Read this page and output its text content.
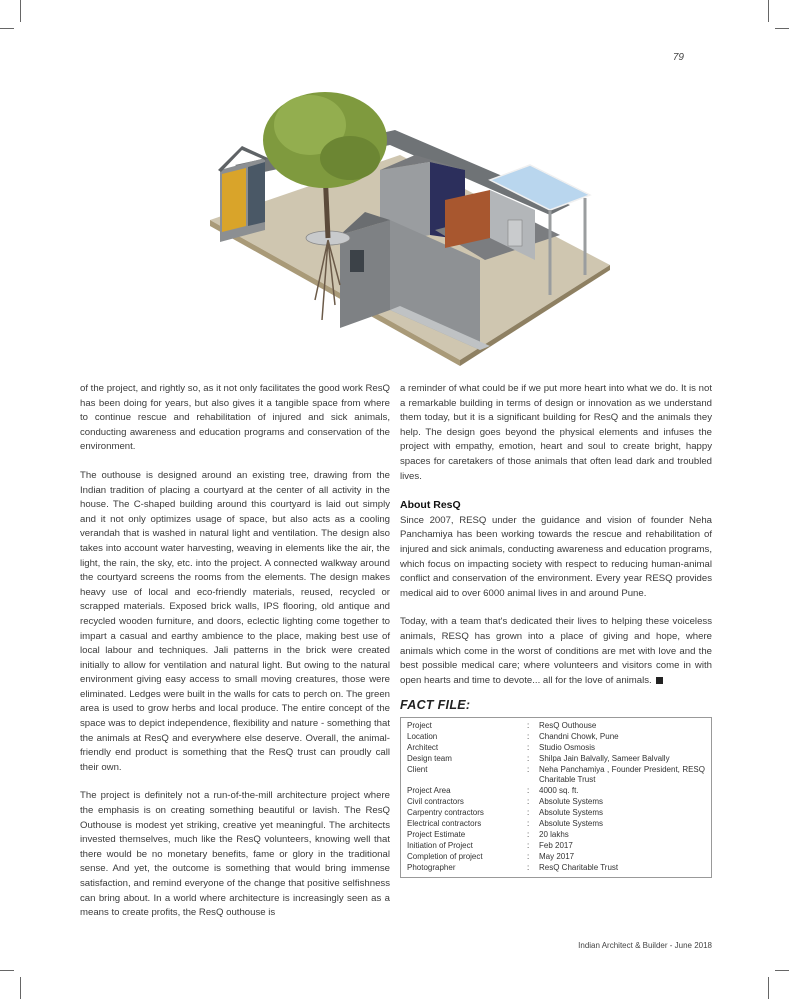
79

of the project, and rightly so, as it not only facilitates the good work ResQ has been doing for years, but also gives it a tangible space from where to continue rescue and rehabilitation of injured and sick animals, conducting awareness and education programs and conservation of the environment.

The outhouse is designed around an existing tree, drawing from the Indian tradition of placing a courtyard at the center of all activity in the house. The C-shaped building around this courtyard is laid out simply and it not only optimizes usage of space, but also acts as a cooling verandah that is washed in natural light and ventilation. The design also takes into account water harvesting, weaving in elements like the air, the light, the rain, the sky, etc. into the project. A connected walkway around the courtyard screens the rooms from the elements. The design makes heavy use of local and eco-friendly materials, reused, recycled or scrapped materials. Exposed brick walls, IPS flooring, old antique and recycled wooden furniture, and doors, eclectic lighting come together to impart a casual and earthy ambience to the place, making best use of local labour and techniques. Jali patterns in the brick were created initially to allow for ventilation and natural light. But owing to the natural environment giving easy access to small moving creatures, those were eliminated. Ledges were built in the walls for cats to perch on. The green area is used to grow herbs and local produce. The entire concept of the space was to depict independence, flexibility and nature - something that the animals at ResQ and everywhere else deserve. Overall, the animal-friendly end product is something that the ResQ trust can proudly call their own.

The project is definitely not a run-of-the-mill architecture project where the emphasis is on creating something beautiful or lavish. The ResQ Outhouse is modest yet striking, creative yet meaningful. The architects invested themselves, much like the ResQ volunteers, knowing well that there would be no monetary benefits, fame or glory in the traditional sense. And yet, the outcome is something that would bring immense satisfaction, and remind everyone of the change that positive selfishness can bring about. In a world where architecture is increasingly seen as a means to create profits, the ResQ outhouse is

a reminder of what could be if we put more heart into what we do. It is not a remarkable building in terms of design or innovation as we understand them today, but it is a significant building for ResQ and the animals they help. The design goes beyond the physical elements and infuses the project with empathy, emotion, heart and soul to create bright, happy spaces for caretakers of those animals that often lead dark and troubled lives.

About ResQ

Since 2007, RESQ under the guidance and vision of founder Neha Panchamiya has been working towards the rescue and rehabilitation of injured and sick animals, conducting awareness and education programs, which focus on impacting society with respect to reducing human-animal conflict and conservation of the environment. Every year RESQ provides medical aid to over 6000 animal lives in and around Pune.

Today, with a team that's dedicated their lives to helping these voiceless animals, RESQ has grown into a place of giving and hope, where animals which come in the worst of conditions are met with love and the best possible medical care; where volunteers and visitors come in with open hearts and time to devote... all for the love of animals.

FACT FILE:
Project	:	ResQ Outhouse
Location	:	Chandni Chowk, Pune
Architect	:	Studio Osmosis
Design team	:	Shilpa Jain Balvally, Sameer Balvally
Client	:	Neha Panchamiya , Founder President, RESQ Charitable Trust
Project Area	:	4000 sq. ft.
Civil contractors	:	Absolute Systems
Carpentry contractors	:	Absolute Systems
Electrical contractors	:	Absolute Systems
Project Estimate	:	20 lakhs
Initiation of Project	:	Feb 2017
Completion of project	:	May 2017
Photographer	:	ResQ Charitable Trust
Indian Architect & Builder - June 2018
